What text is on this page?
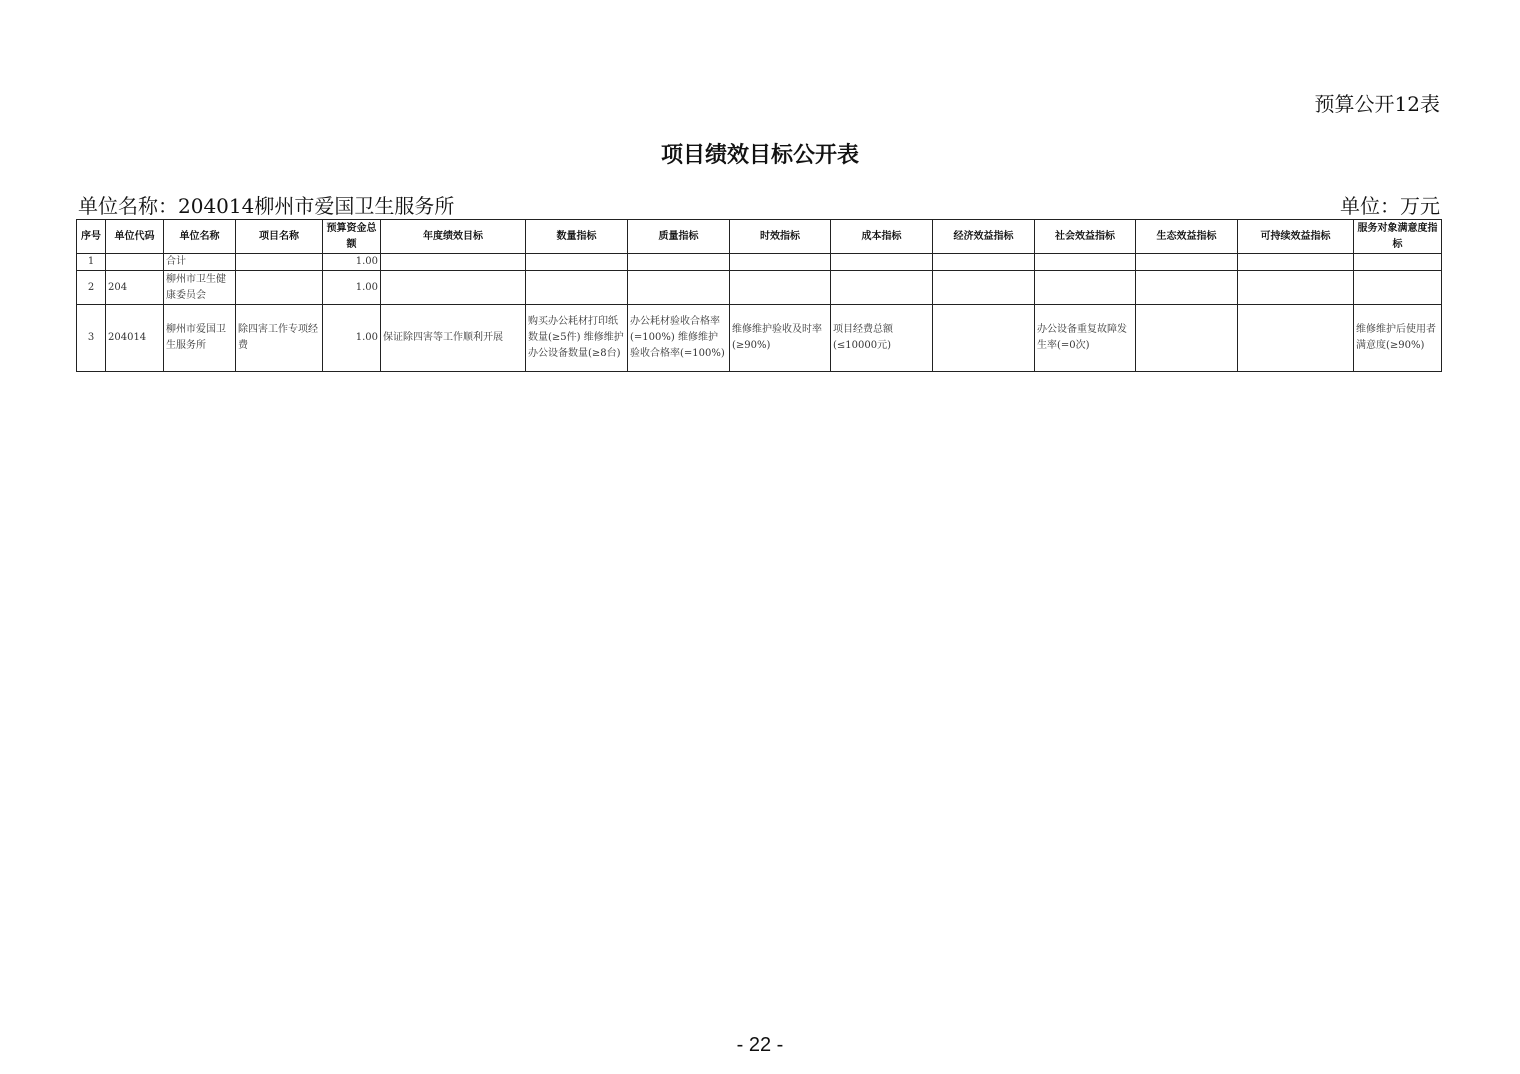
预算公开12表
项目绩效目标公开表
单位名称：204014柳州市爱国卫生服务所	单位：万元
序号	单位代码	单位名称	项目名称	预算资金总额	年度绩效目标	数量指标	质量指标	时效指标	成本指标	经济效益指标	社会效益指标	生态效益指标	可持续效益指标	服务对象满意度指标
1		合计		1.00										
2	204	柳州市卫生健康委员会		1.00										
3	204014	柳州市爱国卫生服务所	除四害工作专项经费	1.00	保证除四害等工作顺利开展	购买办公耗材打印纸数量(≥5件) 维修维护办公设备数量(≥8台)	办公耗材验收合格率(=100%) 维修维护验收合格率(=100%)	维修维护验收及时率(≥90%)	项目经费总额(≤10000元)		办公设备重复故障发生率(=0次)			维修维护后使用者满意度(≥90%)
- 22 -
